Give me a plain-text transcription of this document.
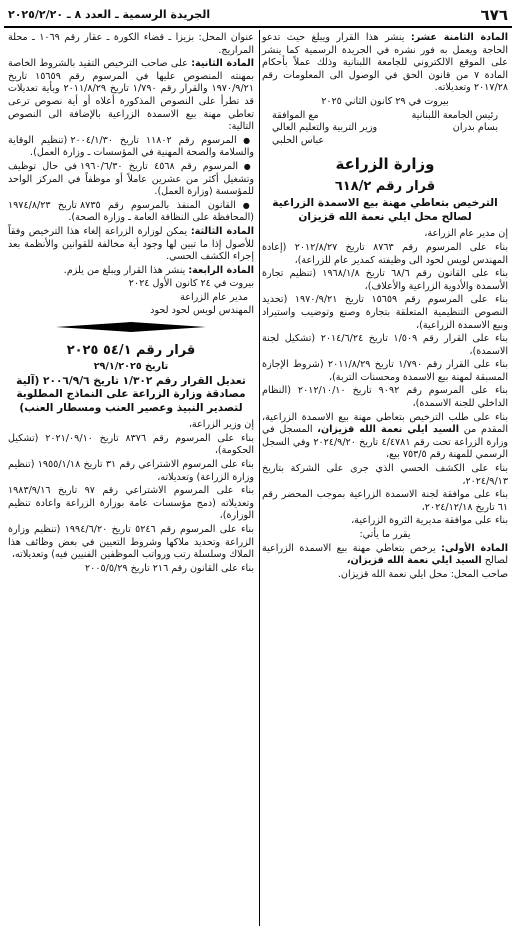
٦٧٦
الجريدة الرسمية ـ العدد ٨ ـ ٢٠٢٥/٢/٢٠

المادة الثامنة عشر: ينشر هذا القرار ويبلغ حيث تدعو الحاجة ويعمل به فور نشره في الجريدة الرسمية كما ينشر على الموقع الالكتروني للجامعة اللبنانية وذلك عملاً بأحكام المادة ٧ من قانون الحق في الوصول الى المعلومات رقم ٢٠١٧/٢٨ وتعديلاته.

بيروت في ٢٩ كانون الثاني ٢٠٢٥

رئيس الجامعة اللبنانية
مع الموافقة
بسام بدران
وزير التربية والتعليم العالي
عباس الحلبي
وزارة الزراعة
قرار رقم ٦١٨/٢
الترخيص بتعاطي مهنة بيع الاسمدة الزراعية لصالح محل ايلي نعمة الله قزيزان

إن مدير عام الزراعة،

بناء على المرسوم رقم ٨٧٦٣ تاريخ ٢٠١٢/٨/٢٧ (إعادة المهندس لويس لحود الى وظيفته كمدير عام للزراعة)،

بناء على القانون رقم ٦٨/٦ تاريخ ١٩٦٨/١/٨ (تنظيم تجارة الأسمدة والأدوية الزراعية والأعلاف)،

بناء على المرسوم رقم ١٥٦٥٩ تاريخ ١٩٧٠/٩/٢١ (تحديد النصوص التنظيمية المتعلقة بتجارة وصنع وتوضيب واستيراد وبيع الاسمدة الزراعية)،

بناء على القرار رقم ١/٥٠٩ تاريخ ٢٠١٤/٦/٢٤ (تشكيل لجنة الاسمدة)،

بناء على القرار رقم ١/٧٩٠ تاريخ ٢٠١١/٨/٢٩ (شروط الإجازة المسبقة لمهنة بيع الاسمدة ومحسنات التربة)،

بناء على المرسوم رقم ٩٠٩٢ تاريخ ٢٠١٢/١٠/١٠ (النظام الداخلي للجنة الاسمدة)،

بناء على طلب الترخيص بتعاطي مهنة بيع الاسمدة الزراعية، المقدم من السيد ايلي نعمة الله قزيزان، المسجل في وزارة الزراعة تحت رقم ٤/٤٧٨١ تاريخ ٢٠٢٤/٩/٢٠ وفي السجل الرسمي للمهنة رقم ٧٥٣/٥ بيع،

بناء على الكشف الحسي الذي جرى على الشركة بتاريخ ٢٠٢٤/٩/١٣،

بناء على موافقة لجنة الاسمدة الزراعية بموجب المحضر رقم ٦١ تاريخ ٢٠٢٤/١٢/١٨،

بناء على موافقة مديرية الثروة الزراعية،

يقرر ما يأتي:

المادة الأولى: يرخص بتعاطي مهنة بيع الاسمدة الزراعية لصالح السيد ايلي نعمة الله قزيزان،

صاحب المحل: محل ايلي نعمة الله قزيزان.

عنوان المحل: بزيزا ـ قضاء الكورة ـ عقار رقم ١٠٦٩ ـ محلة المراريج.

المادة الثانية: على صاحب الترخيص التقيد بالشروط الخاصة بمهنته المنصوص عليها في المرسوم رقم ١٥٦٥٩ تاريخ ١٩٧٠/٩/٢١ والقرار رقم ١/٧٩٠ تاريخ ٢٠١١/٨/٢٩ وبأية تعديلات قد تطرأ على النصوص المذكورة أعلاه أو أية نصوص ترعى تعاطي مهنة بيع الاسمدة الزراعية بالإضافة الى النصوص التالية:

● المرسوم رقم ١١٨٠٢ تاريخ ٢٠٠٤/١/٣٠ (تنظيم الوقاية والسلامة والصحة المهنية في المؤسسات ـ وزارة العمل).

● المرسوم رقم ٤٥٦٨ تاريخ ١٩٦٠/٦/٣٠ في حال توظيف وتشغيل أكثر من عشرين عاملاً أو موظفاً في المركز الواحد للمؤسسة (وزارة العمل).

● القانون المنفذ بالمرسوم رقم ٨٧٣٥ تاريخ ١٩٧٤/٨/٢٣ (المحافظة على النظافة العامة ـ وزارة الصحة).

المادة الثالثة: يمكن لوزارة الزراعة إلغاء هذا الترخيص وفقاً للأصول إذا ما تبين لها وجود أية مخالفة للقوانين والأنظمة بعد إجراء الكشف الحسي.

المادة الرابعة: ينشر هذا القرار ويبلغ من يلزم.

بيروت في ٢٤ كانون الأول ٢٠٢٤

مدير عام الزراعة

المهندس لويس لحود لحود

قرار رقم ٥٤/١ ٢٠٢٥
تاريخ ٢٩/١/٢٠٢٥
تعديل القرار رقم ١/٣٠٢ تاريخ ٢٠٠٦/٩/٦ (آلية مصادقة وزارة الزراعة على النماذج المطلوبة لتصدير النبيذ وعصير العنب ومسطار العنب)

إن وزير الزراعة،

بناء على المرسوم رقم ٨٣٧٦ تاريخ ٢٠٢١/٠٩/١٠ (تشكيل الحكومة)،

بناء على المرسوم الاشتراعي رقم ٣١ تاريخ ١٩٥٥/١/١٨ (تنظيم وزارة الزراعة) وتعديلاته،

بناء على المرسوم الاشتراعي رقم ٩٧ تاريخ ١٩٨٣/٩/١٦ وتعديلاته (دمج مؤسسات عامة بوزارة الزراعة واعادة تنظيم الوزارة)،

بناء على المرسوم رقم ٥٢٤٦ تاريخ ١٩٩٤/٦/٢٠ (تنظيم وزارة الزراعة وتحديد ملاكها وشروط التعيين في بعض وظائف هذا الملاك وسلسلة رتب ورواتب الموظفين الفنيين فيه) وتعديلاته،

بناء على القانون رقم ٢١٦ تاريخ ٢٠٠٥/٥/٢٩
